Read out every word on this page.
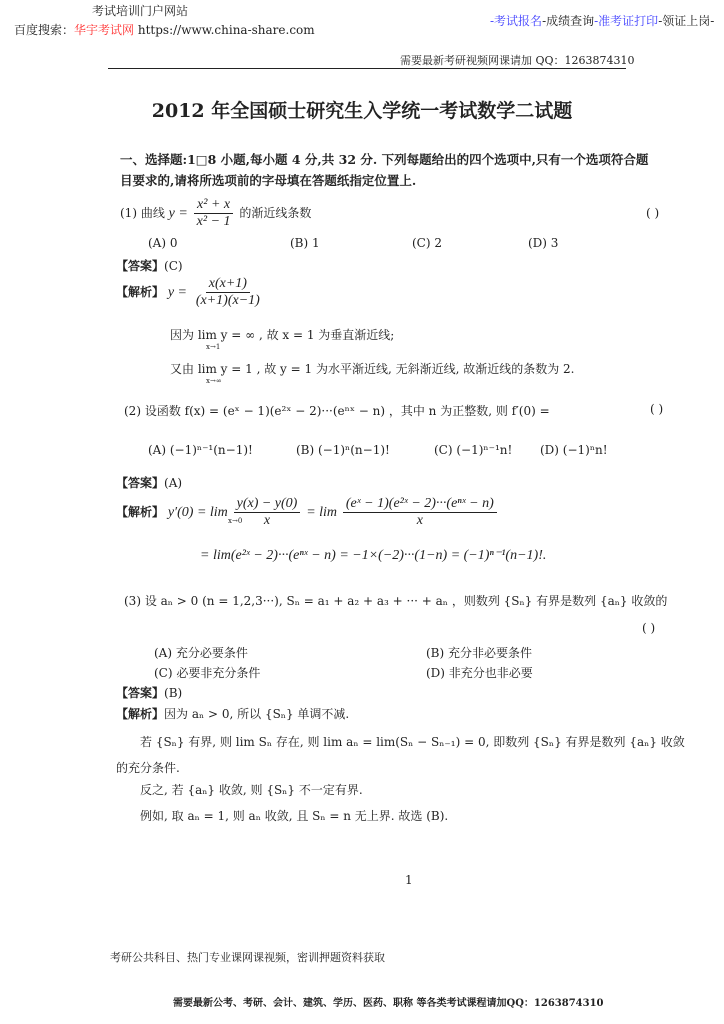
考试培训门户网站
百度搜索：华宇考试网 https://www.china-share.com
-考试报名-成绩查询-准考证打印-领证上岗-
需要最新考研视频网课请加 QQ：1263874310
2012 年全国硕士研究生入学统一考试数学二试题
一、选择题:1□8 小题,每小题 4 分,共 32 分. 下列每题给出的四个选项中,只有一个选项符合题
目要求的,请将所选项前的字母填在答题纸指定位置上.
(1) 曲线 $y = \frac{\text{x² + x}}{\text{x² − 1}}$ 的渐近线条数	( )
(A) 0	(B) 1	(C) 2	(D) 3
【答案】(C)
【解析】 $y = \frac{x(x+1)}{(x+1)(x-1)}$
因为 lim y = ∞ , 故 x = 1 为垂直渐近线;
x→1
又由 lim y = 1 , 故 y = 1 为水平渐近线, 无斜渐近线, 故渐近线的条数为 2.
x→∞
(2) 设函数 f(x) = (eˣ − 1)(e²ˣ − 2)···(eⁿˣ − n) ，其中 n 为正整数, 则 f′(0) =	( )
(A) (−1)ⁿ⁻¹(n−1)!	(B) (−1)ⁿ(n−1)!	(C) (−1)ⁿ⁻¹n! (D) (−1)ⁿn!
【答案】(A)
【解析】 $y'(0) = \lim \frac{y(x) - y(0)}{x} = \lim \frac{\text{(eˣ − 1)(e²ˣ − 2)···(eⁿˣ − n)}}{x}$
x→0
= lim(e²ˣ − 2)···(eⁿˣ − n) = −1×(−2)···(1−n) = (−1)ⁿ⁻¹(n−1)!.
(3) 设 aₙ > 0 (n = 1,2,3···), Sₙ = a₁ + a₂ + a₃ + ··· + aₙ ，则数列 {Sₙ} 有界是数列 {aₙ} 收敛的
( )
(A) 充分必要条件	(B) 充分非必要条件
(C) 必要非充分条件	(D) 非充分也非必要
【答案】(B)
【解析】因为 aₙ > 0, 所以 {Sₙ} 单调不减.
若 {Sₙ} 有界, 则 lim Sₙ 存在, 则 lim aₙ = lim(Sₙ − Sₙ₋₁) = 0, 即数列 {Sₙ} 有界是数列 {aₙ} 收敛
的充分条件.
反之, 若 {aₙ} 收敛, 则 {Sₙ} 不一定有界.
例如, 取 aₙ = 1, 则 aₙ 收敛, 且 Sₙ = n 无上界. 故选 (B).
1
考研公共科目、热门专业课网课视频，密训押题资料获取
需要最新公考、考研、会计、建筑、学历、医药、职称 等各类考试课程请加QQ：1263874310
